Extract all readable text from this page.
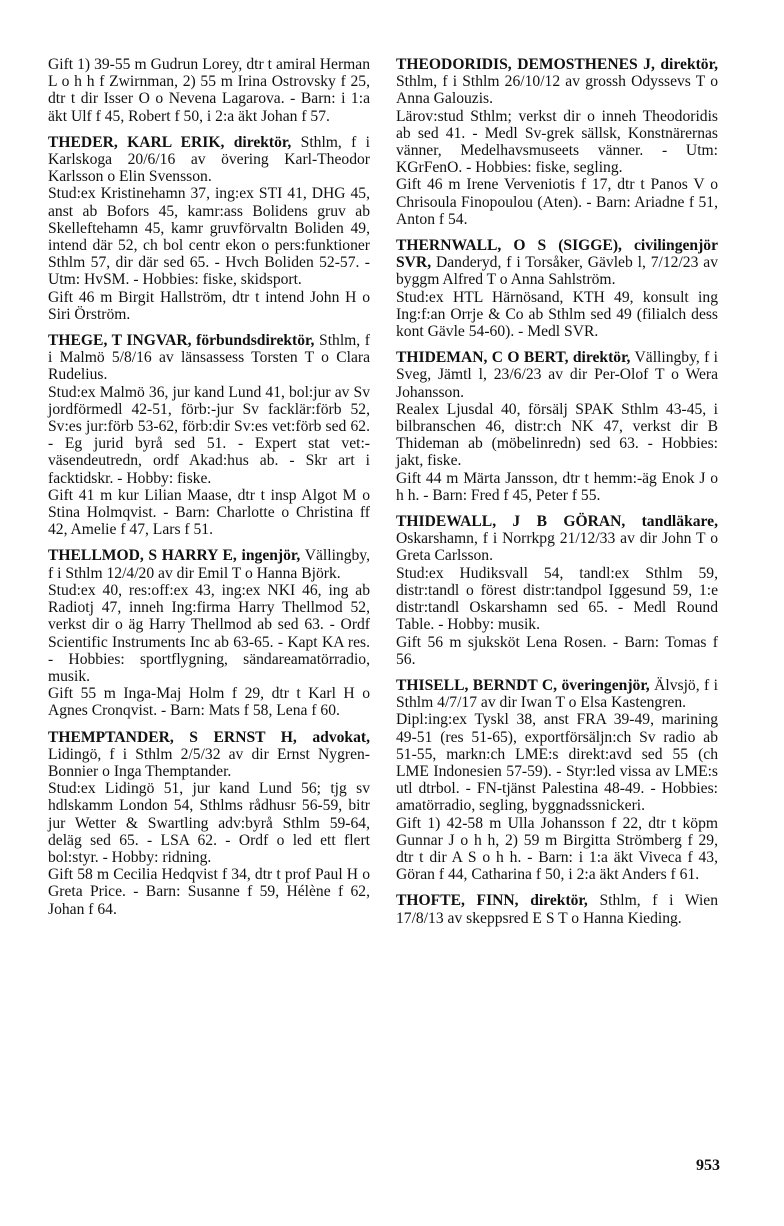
Gift 1) 39-55 m Gudrun Lorey, dtr t amiral Herman L o h h f Zwirnman, 2) 55 m Irina Ostrovsky f 25, dtr t dir Isser O o Nevena Lagarova. - Barn: i 1:a äkt Ulf f 45, Robert f 50, i 2:a äkt Johan f 57.

THEDER, KARL ERIK, direktör, Sthlm, f i Karlskoga 20/6/16 av övering Karl-Theodor Karlsson o Elin Svensson.

Stud:ex Kristinehamn 37, ing:ex STI 41, DHG 45, anst ab Bofors 45, kamr:ass Bolidens gruv ab Skelleftehamn 45, kamr gruvförvaltn Boliden 49, intend där 52, ch bol centr ekon o pers:funktioner Sthlm 57, dir där sed 65. - Hvch Boliden 52-57. - Utm: HvSM. - Hobbies: fiske, skidsport.

Gift 46 m Birgit Hallström, dtr t intend John H o Siri Örström.

THEGE, T INGVAR, förbundsdirektör, Sthlm, f i Malmö 5/8/16 av länsassess Torsten T o Clara Rudelius.

Stud:ex Malmö 36, jur kand Lund 41, bol:jur av Sv jordförmedl 42-51, förb:-jur Sv facklär:förb 52, Sv:es jur:förb 53-62, förb:dir Sv:es vet:förb sed 62. - Eg jurid byrå sed 51. - Expert stat vet:-väsendeutredn, ordf Akad:hus ab. - Skr art i facktidskr. - Hobby: fiske.

Gift 41 m kur Lilian Maase, dtr t insp Algot M o Stina Holmqvist. - Barn: Charlotte o Christina ff 42, Amelie f 47, Lars f 51.

THELLMOD, S HARRY E, ingenjör, Vällingby, f i Sthlm 12/4/20 av dir Emil T o Hanna Björk.

Stud:ex 40, res:off:ex 43, ing:ex NKI 46, ing ab Radiotj 47, inneh Ing:firma Harry Thellmod 52, verkst dir o äg Harry Thellmod ab sed 63. - Ordf Scientific Instruments Inc ab 63-65. - Kapt KA res. - Hobbies: sportflygning, sändareamatörradio, musik.

Gift 55 m Inga-Maj Holm f 29, dtr t Karl H o Agnes Cronqvist. - Barn: Mats f 58, Lena f 60.

THEMPTANDER, S ERNST H, advokat, Lidingö, f i Sthlm 2/5/32 av dir Ernst Nygren-Bonnier o Inga Themptander.

Stud:ex Lidingö 51, jur kand Lund 56; tjg sv hdlskamm London 54, Sthlms rådhusr 56-59, bitr jur Wetter & Swartling adv:byrå Sthlm 59-64, deläg sed 65. - LSA 62. - Ordf o led ett flert bol:styr. - Hobby: ridning.

Gift 58 m Cecilia Hedqvist f 34, dtr t prof Paul H o Greta Price. - Barn: Susanne f 59, Hélène f 62, Johan f 64.

THEODORIDIS, DEMOSTHENES J, direktör, Sthlm, f i Sthlm 26/10/12 av grossh Odyssevs T o Anna Galouzis.

Lärov:stud Sthlm; verkst dir o inneh Theodoridis ab sed 41. - Medl Sv-grek sällsk, Konstnärernas vänner, Medelhavsmuseets vänner. - Utm: KGrFenO. - Hobbies: fiske, segling.

Gift 46 m Irene Verveniotis f 17, dtr t Panos V o Chrisoula Finopoulou (Aten). - Barn: Ariadne f 51, Anton f 54.

THERNWALL, O S (SIGGE), civilingenjör SVR, Danderyd, f i Torsåker, Gävleb l, 7/12/23 av byggm Alfred T o Anna Sahlström.

Stud:ex HTL Härnösand, KTH 49, konsult ing Ing:f:an Orrje & Co ab Sthlm sed 49 (filialch dess kont Gävle 54-60). - Medl SVR.

THIDEMAN, C O BERT, direktör, Vällingby, f i Sveg, Jämtl l, 23/6/23 av dir Per-Olof T o Wera Johansson.

Realex Ljusdal 40, försälj SPAK Sthlm 43-45, i bilbranschen 46, distr:ch NK 47, verkst dir B Thideman ab (möbelinredn) sed 63. - Hobbies: jakt, fiske.

Gift 44 m Märta Jansson, dtr t hemm:-äg Enok J o h h. - Barn: Fred f 45, Peter f 55.

THIDEWALL, J B GÖRAN, tandläkare, Oskarshamn, f i Norrkpg 21/12/33 av dir John T o Greta Carlsson.

Stud:ex Hudiksvall 54, tandl:ex Sthlm 59, distr:tandl o förest distr:tandpol Iggesund 59, 1:e distr:tandl Oskarshamn sed 65. - Medl Round Table. - Hobby: musik.

Gift 56 m sjuksköt Lena Rosen. - Barn: Tomas f 56.

THISELL, BERNDT C, överingenjör, Älvsjö, f i Sthlm 4/7/17 av dir Iwan T o Elsa Kastengren.

Dipl:ing:ex Tyskl 38, anst FRA 39-49, marining 49-51 (res 51-65), exportförsäljn:ch Sv radio ab 51-55, markn:ch LME:s direkt:avd sed 55 (ch LME Indonesien 57-59). - Styr:led vissa av LME:s utl dtrbol. - FN-tjänst Palestina 48-49. - Hobbies: amatörradio, segling, byggnadssnickeri.

Gift 1) 42-58 m Ulla Johansson f 22, dtr t köpm Gunnar J o h h, 2) 59 m Birgitta Strömberg f 29, dtr t dir A S o h h. - Barn: i 1:a äkt Viveca f 43, Göran f 44, Catharina f 50, i 2:a äkt Anders f 61.

THOFTE, FINN, direktör, Sthlm, f i Wien 17/8/13 av skeppsred E S T o Hanna Kieding.

953
